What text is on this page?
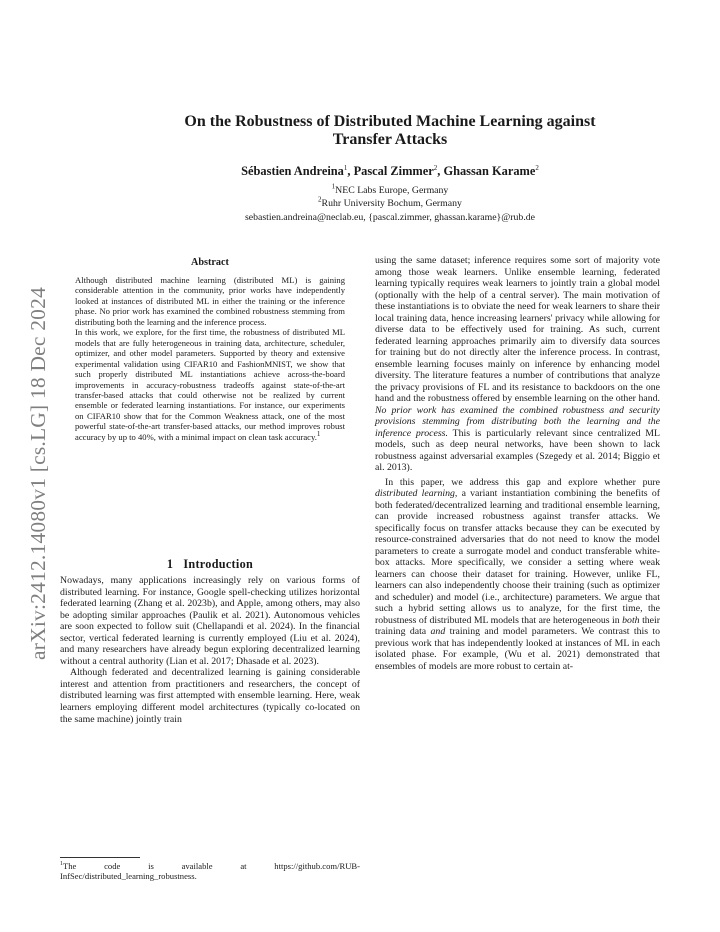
arXiv:2412.14080v1 [cs.LG] 18 Dec 2024
On the Robustness of Distributed Machine Learning against
Transfer Attacks
Sébastien Andreina$^1$, Pascal Zimmer$^2$, Ghassan Karame$^2$
$^1$NEC Labs Europe, Germany
$^2$Ruhr University Bochum, Germany
sebastien.andreina@neclab.eu, {pascal.zimmer, ghassan.karame}@rub.de
Abstract

Although distributed machine learning (distributed ML) is gaining considerable attention in the community, prior works have independently looked at instances of distributed ML in either the training or the inference phase. No prior work has examined the combined robustness stemming from distributing both the learning and the inference process.

In this work, we explore, for the first time, the robustness of distributed ML models that are fully heterogeneous in training data, architecture, scheduler, optimizer, and other model parameters. Supported by theory and extensive experimental validation using CIFAR10 and FashionMNIST, we show that such properly distributed ML instantiations achieve across-the-board improvements in accuracy-robustness tradeoffs against state-of-the-art transfer-based attacks that could otherwise not be realized by current ensemble or federated learning instantiations. For instance, our experiments on CIFAR10 show that for the Common Weakness attack, one of the most powerful state-of-the-art transfer-based attacks, our method improves robust accuracy by up to 40%, with a minimal impact on clean task accuracy.$^1$

1 Introduction

Nowadays, many applications increasingly rely on various forms of distributed learning. For instance, Google spell-checking utilizes horizontal federated learning (Zhang et al. 2023b), and Apple, among others, may also be adopting similar approaches (Paulik et al. 2021). Autonomous vehicles are soon expected to follow suit (Chellapandi et al. 2024). In the financial sector, vertical federated learning is currently employed (Liu et al. 2024), and many researchers have already begun exploring decentralized learning without a central authority (Lian et al. 2017; Dhasade et al. 2023).

Although federated and decentralized learning is gaining considerable interest and attention from practitioners and researchers, the concept of distributed learning was first attempted with ensemble learning. Here, weak learners employing different model architectures (typically co-located on the same machine) jointly train

$^1$The code is available at https://github.com/RUB-InfSec/distributed_learning_robustness.

using the same dataset; inference requires some sort of majority vote among those weak learners. Unlike ensemble learning, federated learning typically requires weak learners to jointly train a global model (optionally with the help of a central server). The main motivation of these instantiations is to obviate the need for weak learners to share their local training data, hence increasing learners' privacy while allowing for diverse data to be effectively used for training. As such, current federated learning approaches primarily aim to diversify data sources for training but do not directly alter the inference process. In contrast, ensemble learning focuses mainly on inference by enhancing model diversity. The literature features a number of contributions that analyze the privacy provisions of FL and its resistance to backdoors on the one hand and the robustness offered by ensemble learning on the other hand. No prior work has examined the combined robustness and security provisions stemming from distributing both the learning and the inference process. This is particularly relevant since centralized ML models, such as deep neural networks, have been shown to lack robustness against adversarial examples (Szegedy et al. 2014; Biggio et al. 2013).

In this paper, we address this gap and explore whether pure distributed learning, a variant instantiation combining the benefits of both federated/decentralized learning and traditional ensemble learning, can provide increased robustness against transfer attacks. We specifically focus on transfer attacks because they can be executed by resource-constrained adversaries that do not need to know the model parameters to create a surrogate model and conduct transferable white-box attacks. More specifically, we consider a setting where weak learners can choose their dataset for training. However, unlike FL, learners can also independently choose their training (such as optimizer and scheduler) and model (i.e., architecture) parameters. We argue that such a hybrid setting allows us to analyze, for the first time, the robustness of distributed ML models that are heterogeneous in both their training data and training and model parameters. We contrast this to previous work that has independently looked at instances of ML in each isolated phase. For example, (Wu et al. 2021) demonstrated that ensembles of models are more robust to certain at-
